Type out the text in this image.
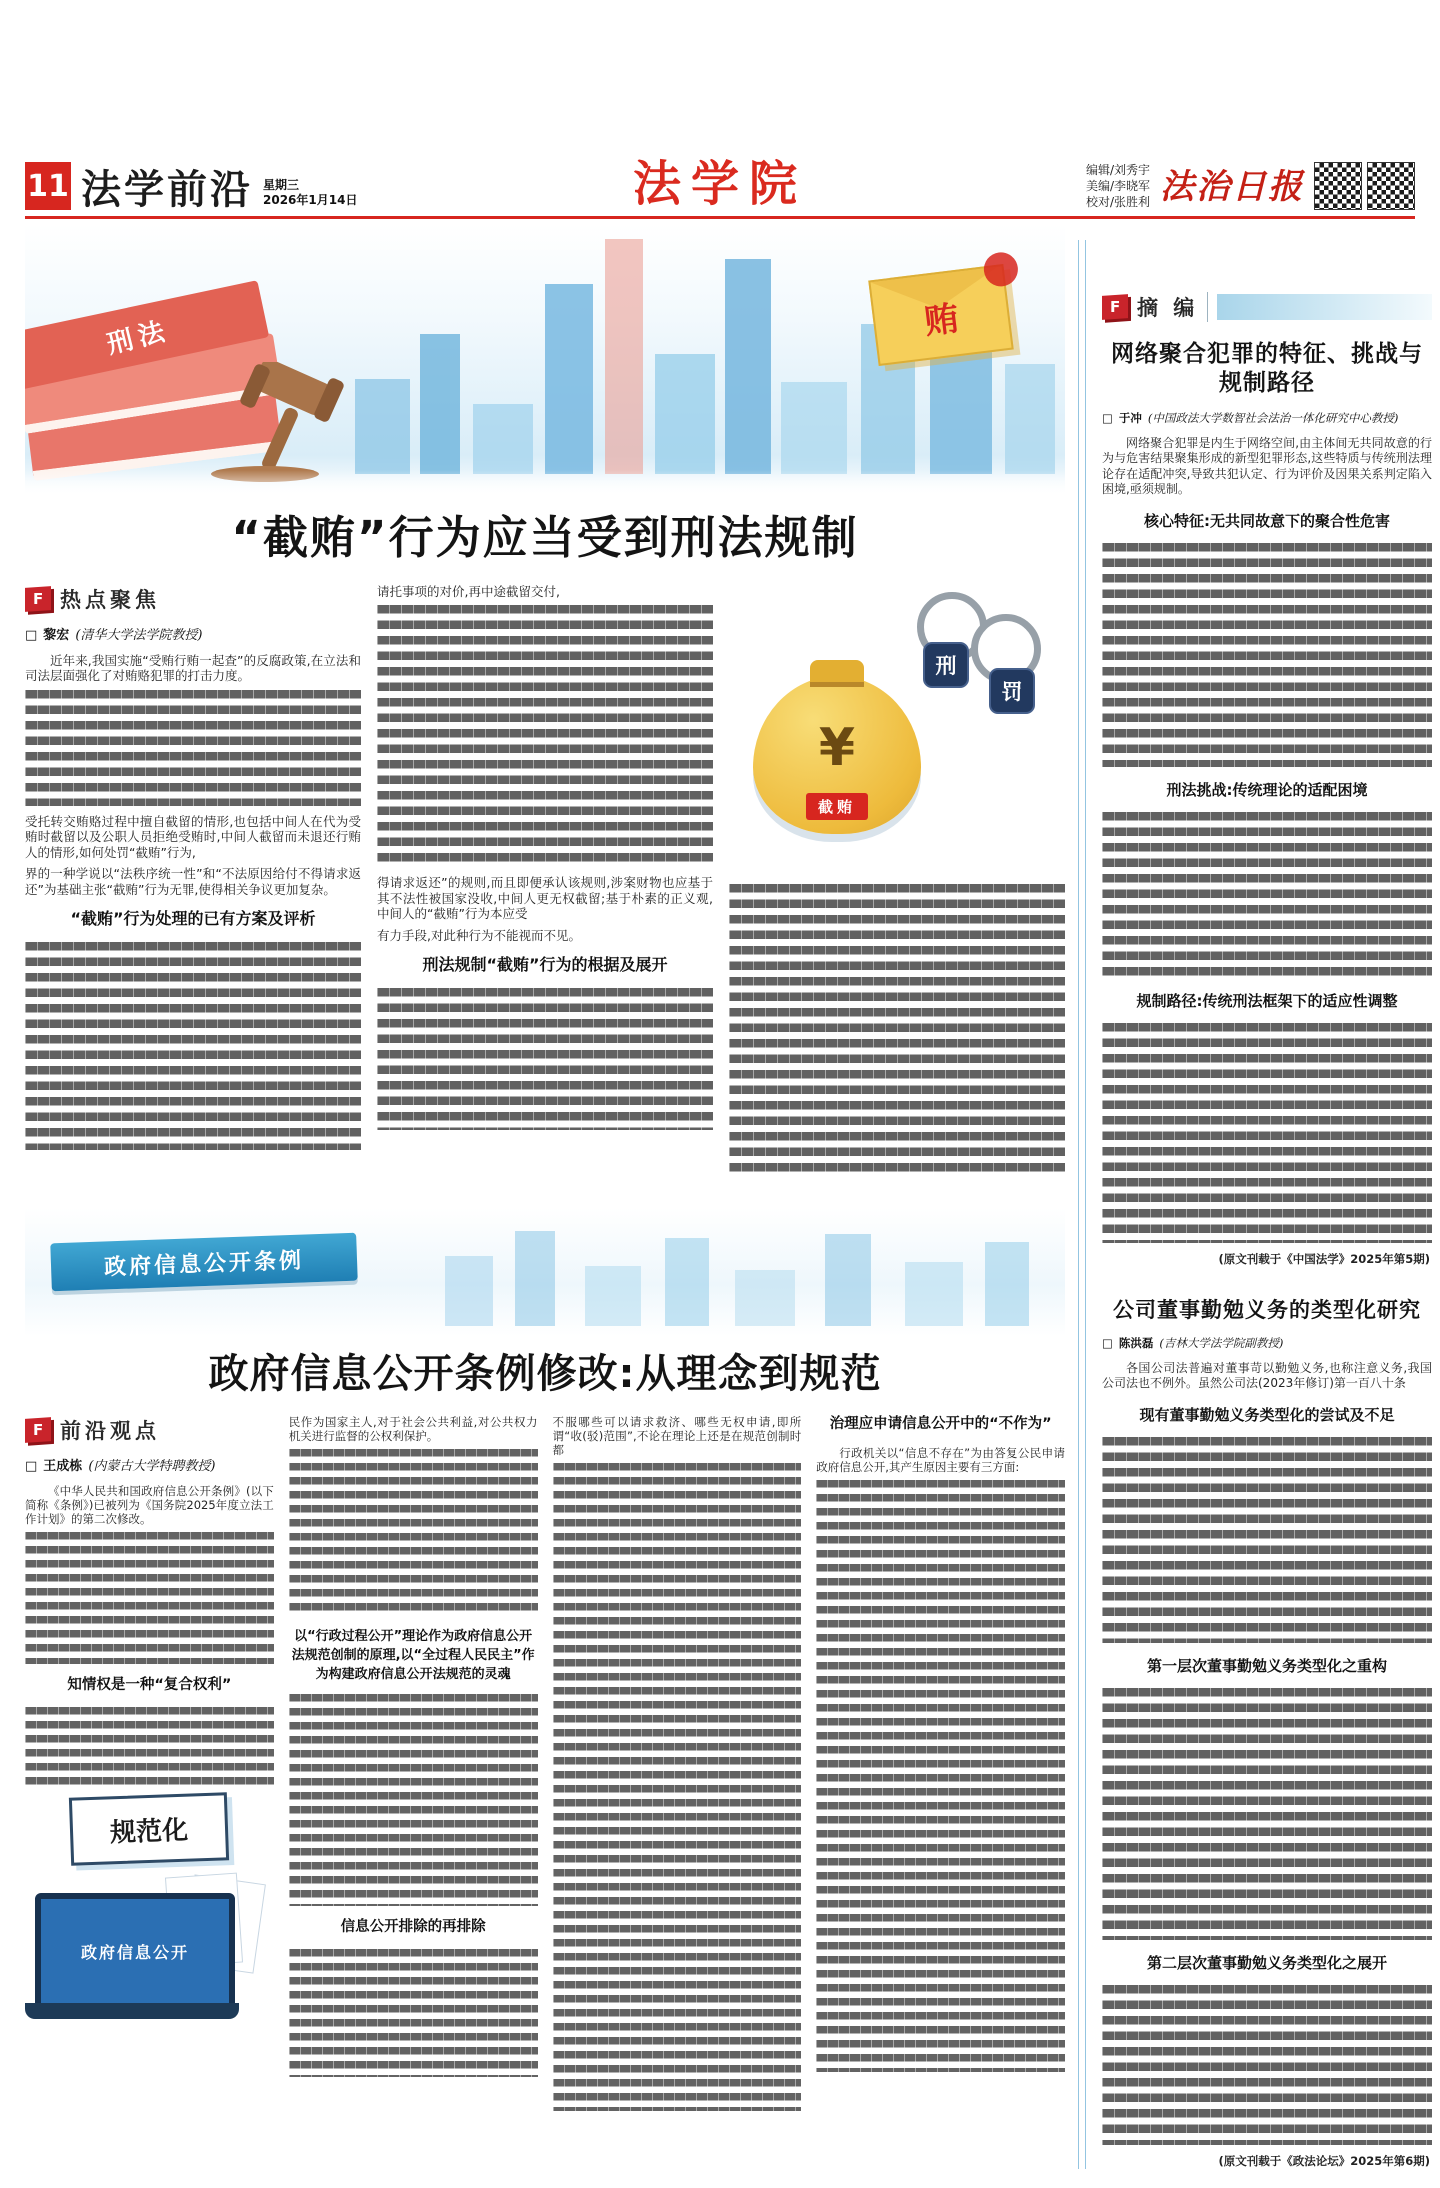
11 法学前沿 星期三
2026年1月14日	法学院	编辑/刘秀宇
美编/李晓军
校对/张胜利 法治日报
刑法	贿
“截贿”行为应当受到刑法规制
F 热点聚焦

□ 黎宏 (清华大学法学院教授)

近年来,我国实施“受贿行贿一起查”的反腐政策,在立法和司法层面强化了对贿赂犯罪的打击力度。

受托转交贿赂过程中擅自截留的情形,也包括中间人在代为受贿时截留以及公职人员拒绝受贿时,中间人截留而未退还行贿人的情形,如何处罚“截贿”行为,

界的一种学说以“法秩序统一性”和“不法原因给付不得请求返还”为基础主张“截贿”行为无罪,使得相关争议更加复杂。

“截贿”行为处理的已有方案及评析

请托事项的对价,再中途截留交付,

得请求返还”的规则,而且即便承认该规则,涉案财物也应基于其不法性被国家没收,中间人更无权截留;基于朴素的正义观,中间人的“截贿”行为本应受

有力手段,对此种行为不能视而不见。

刑法规制“截贿”行为的根据及展开
刑
罚
¥
截贿
政府信息公开条例
政府信息公开条例修改:从理念到规范
F 前沿观点

□ 王成栋 (内蒙古大学特聘教授)

《中华人民共和国政府信息公开条例》(以下简称《条例》)已被列为《国务院2025年度立法工作计划》的第二次修改。

知情权是一种“复合权利”
规范化
政府信息公开

民作为国家主人,对于社会公共利益,对公共权力机关进行监督的公权利保护。

以“行政过程公开”理论作为政府信息公开法规范创制的原理,以“全过程人民民主”作为构建政府信息公开法规范的灵魂
信息公开排除的再排除

不服哪些可以请求救济、哪些无权申请,即所谓“收(驳)范围”,不论在理论上还是在规范创制时都

治理应申请信息公开中的“不作为”

行政机关以“信息不存在”为由答复公民申请政府信息公开,其产生原因主要有三方面:

F 摘 编
网络聚合犯罪的特征、挑战与规制路径

□ 于冲 (中国政法大学数智社会法治一体化研究中心教授)

网络聚合犯罪是内生于网络空间,由主体间无共同故意的行为与危害结果聚集形成的新型犯罪形态,这些特质与传统刑法理论存在适配冲突,导致共犯认定、行为评价及因果关系判定陷入困境,亟须规制。

核心特征:无共同故意下的聚合性危害
刑法挑战:传统理论的适配困境
规制路径:传统刑法框架下的适应性调整
(原文刊载于《中国法学》2025年第5期)
公司董事勤勉义务的类型化研究

□ 陈洪磊 (吉林大学法学院副教授)

各国公司法普遍对董事苛以勤勉义务,也称注意义务,我国公司法也不例外。虽然公司法(2023年修订)第一百八十条

现有董事勤勉义务类型化的尝试及不足
第一层次董事勤勉义务类型化之重构
第二层次董事勤勉义务类型化之展开
(原文刊载于《政法论坛》2025年第6期)
